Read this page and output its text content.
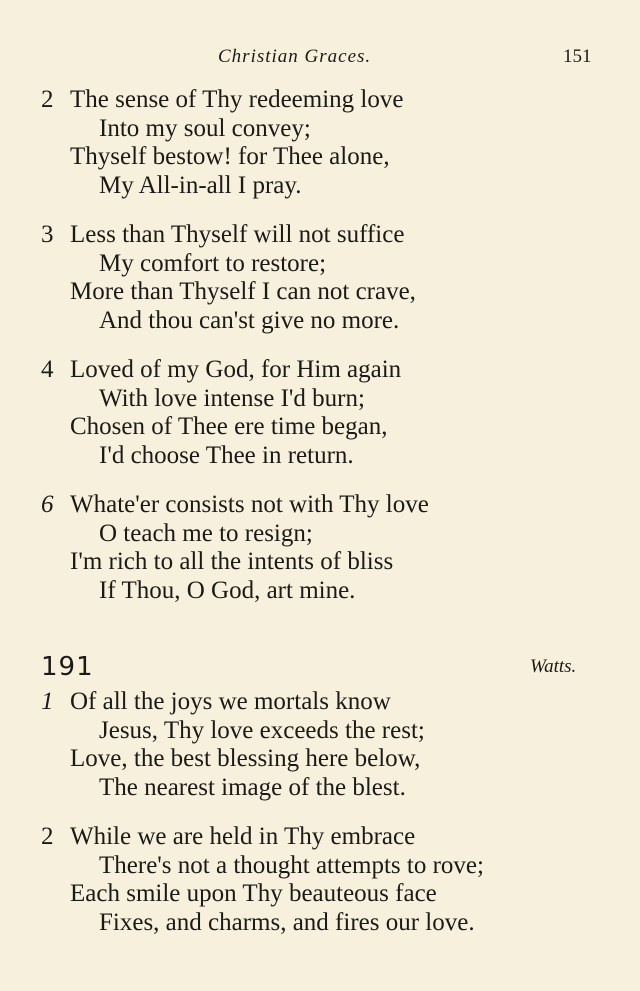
Christian Graces.	151
2 The sense of Thy redeeming love
Into my soul convey;
Thyself bestow! for Thee alone,
My All-in-all I pray.
3 Less than Thyself will not suffice
My comfort to restore;
More than Thyself I can not crave,
And thou can'st give no more.
4 Loved of my God, for Him again
With love intense I'd burn;
Chosen of Thee ere time began,
I'd choose Thee in return.
6 Whate'er consists not with Thy love
O teach me to resign;
I'm rich to all the intents of bliss
If Thou, O God, art mine.
191	Watts.
1 Of all the joys we mortals know
Jesus, Thy love exceeds the rest;
Love, the best blessing here below,
The nearest image of the blest.
2 While we are held in Thy embrace
There's not a thought attempts to rove;
Each smile upon Thy beauteous face
Fixes, and charms, and fires our love.
